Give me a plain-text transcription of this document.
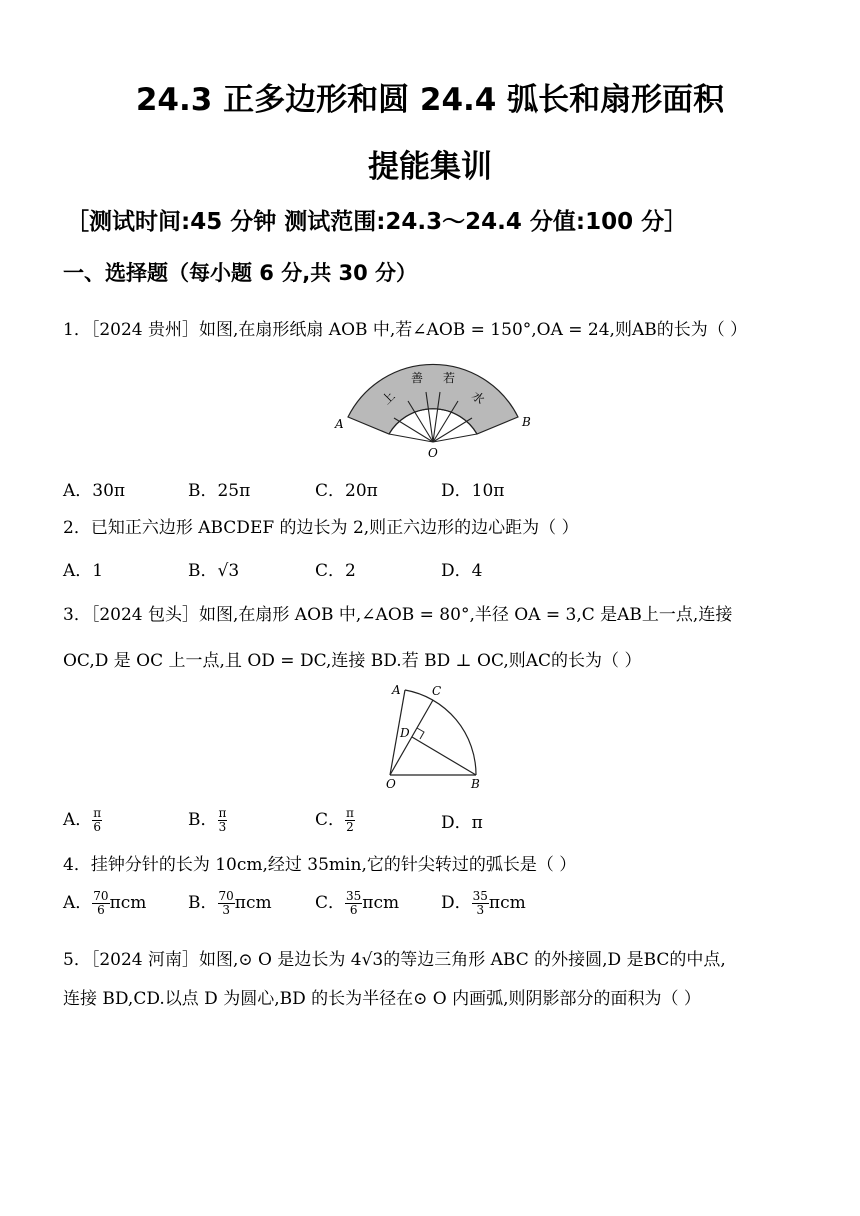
24.3 正多边形和圆 24.4 弧长和扇形面积
提能集训
［测试时间:45 分钟 测试范围:24.3～24.4 分值:100 分］
一、选择题（每小题 6 分,共 30 分）
1．［2024 贵州］如图,在扇形纸扇 AOB 中,若∠AOB = 150°,OA = 24,则AB的长为（ ）
上
善 若
水
A	B
O
A．30π	B．25π	C．20π	D．10π
2．已知正六边形 ABCDEF 的边长为 2,则正六边形的边心距为（ ）
A．1	B．√3	C．2	D．4
3．［2024 包头］如图,在扇形 AOB 中,∠AOB = 80°,半径 OA = 3,C 是AB上一点,连接
OC,D 是 OC 上一点,且 OD = DC,连接 BD.若 BD ⊥ OC,则AC的长为（ ）
A	C
D
O	B
A． $\frac{\pi}{6}$	B． $\frac{\pi}{3}$	C． $\frac{\pi}{2}$	D．π
4．挂钟分针的长为 10cm,经过 35min,它的针尖转过的弧长是（ ）
A． $\frac{70}{6}$ πcm B． $\frac{70}{3}$ πcm	C． $\frac{35}{6}$ πcm D． $\frac{35}{3}$ πcm
5．［2024 河南］如图,⊙ O 是边长为 4√3的等边三角形 ABC 的外接圆,D 是BC的中点,
连接 BD,CD.以点 D 为圆心,BD 的长为半径在⊙ O 内画弧,则阴影部分的面积为（ ）
